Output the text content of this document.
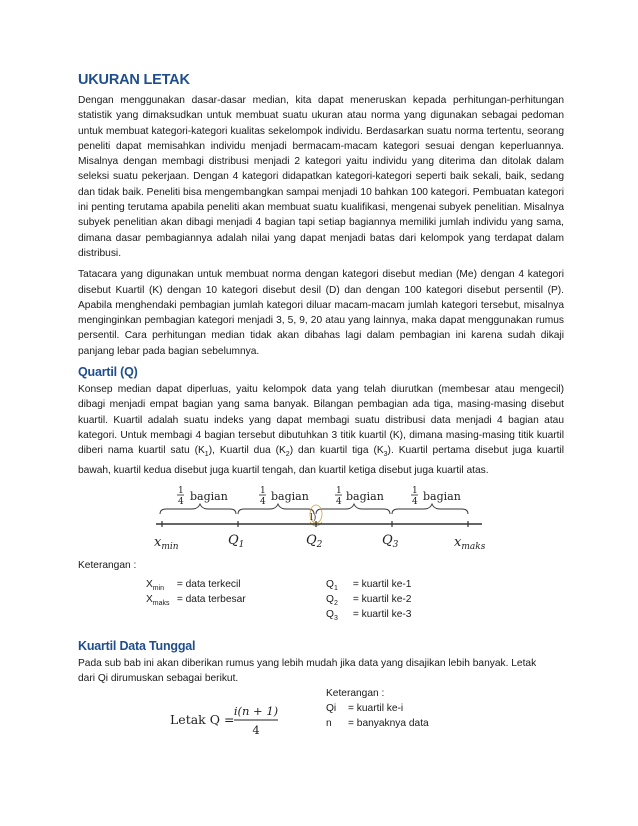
UKURAN LETAK

Dengan menggunakan dasar-dasar median, kita dapat meneruskan kepada perhitungan-perhitungan statistik yang dimaksudkan untuk membuat suatu ukuran atau norma yang digunakan sebagai pedoman untuk membuat kategori-kategori kualitas sekelompok individu. Berdasarkan suatu norma tertentu, seorang peneliti dapat memisahkan individu menjadi bermacam-macam kategori sesuai dengan keperluannya. Misalnya dengan membagi distribusi menjadi 2 kategori yaitu individu yang diterima dan ditolak dalam seleksi suatu pekerjaan. Dengan 4 kategori didapatkan kategori-kategori seperti baik sekali, baik, sedang dan tidak baik. Peneliti bisa mengembangkan sampai menjadi 10 bahkan 100 kategori. Pembuatan kategori ini penting terutama apabila peneliti akan membuat suatu kualifikasi, mengenai subyek penelitian. Misalnya subyek penelitian akan dibagi menjadi 4 bagian tapi setiap bagiannya memiliki jumlah individu yang sama, dimana dasar pembagiannya adalah nilai yang dapat menjadi batas dari kelompok yang terdapat dalam distribusi.

Tatacara yang digunakan untuk membuat norma dengan kategori disebut median (Me) dengan 4 kategori disebut Kuartil (K) dengan 10 kategori disebut desil (D) dan dengan 100 kategori disebut persentil (P). Apabila menghendaki pembagian jumlah kategori diluar macam-macam jumlah kategori tersebut, misalnya menginginkan pembagian kategori menjadi 3, 5, 9, 20 atau yang lainnya, maka dapat menggunakan rumus persentil. Cara perhitungan median tidak akan dibahas lagi dalam pembagian ini karena sudah dikaji panjang lebar pada bagian sebelumnya.

Quartil (Q)

Konsep median dapat diperluas, yaitu kelompok data yang telah diurutkan (membesar atau mengecil) dibagi menjadi empat bagian yang sama banyak. Bilangan pembagian ada tiga, masing-masing disebut kuartil. Kuartil adalah suatu indeks yang dapat membagi suatu distribusi data menjadi 4 bagian atau kategori. Untuk membagi 4 bagian tersebut dibutuhkan 3 titik kuartil (K), dimana masing-masing titik kuartil diberi nama kuartil satu $(K_1)$, Kuartil dua $(K_2)$ dan kuartil tiga $(K_3)$. Kuartil pertama disebut juga kuartil bawah, kuartil kedua disebut juga kuartil tengah, dan kuartil ketiga disebut juga kuartil atas.

1
4 bagian	1
4 bagian	1
4 bagian	1
4 bagian
l)
$x_{min}$	$Q_1$	$Q_2$	$Q_3$	$x_{maks}$
Keterangan :
$X_{min}$ = data terkecil
$X_{maks}$ = data terbesar
$Q_1$ = kuartil ke-1
$Q_2$ = kuartil ke-2
$Q_3$ = kuartil ke-3
Kuartil Data Tunggal

Pada sub bab ini akan diberikan rumus yang lebih mudah jika data yang disajikan lebih banyak. Letak dari Qi dirumuskan sebagai berikut.

Keterangan :
Qi = kuartil ke-i
n = banyaknya data
Letak Q =
i(n + 1)
4
